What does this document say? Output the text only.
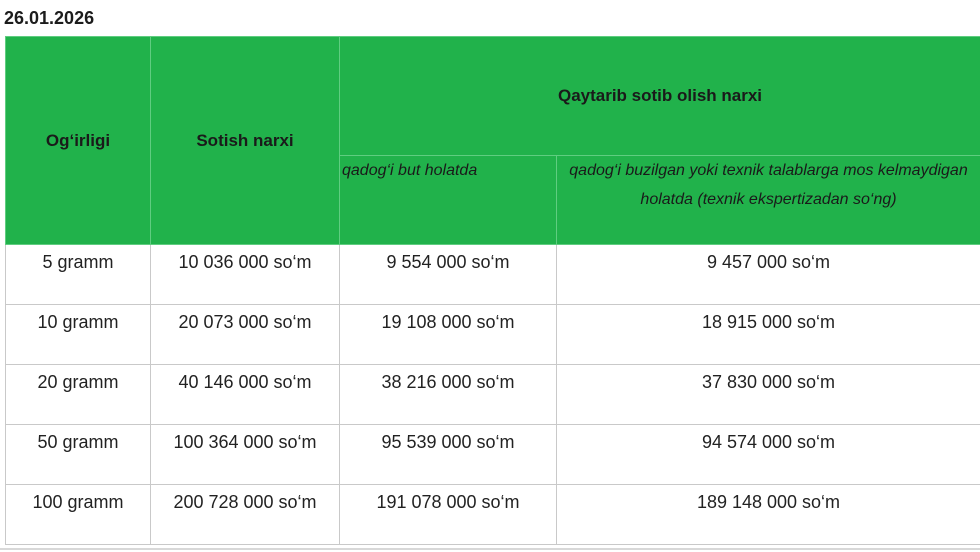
26.01.2026
Og‘irligi	Sotish narxi	Qaytarib sotib olish narxi	
		qadog‘i but holatda	qadog‘i buzilgan yoki texnik talablarga mos kelmaydigan holatda (texnik ekspertizadan so‘ng)
5 gramm	10 036 000 so‘m	9 554 000 so‘m	9 457 000 so‘m
10 gramm	20 073 000 so‘m	19 108 000 so‘m	18 915 000 so‘m
20 gramm	40 146 000 so‘m	38 216 000 so‘m	37 830 000 so‘m
50 gramm	100 364 000 so‘m	95 539 000 so‘m	94 574 000 so‘m
100 gramm	200 728 000 so‘m	191 078 000 so‘m	189 148 000 so‘m
